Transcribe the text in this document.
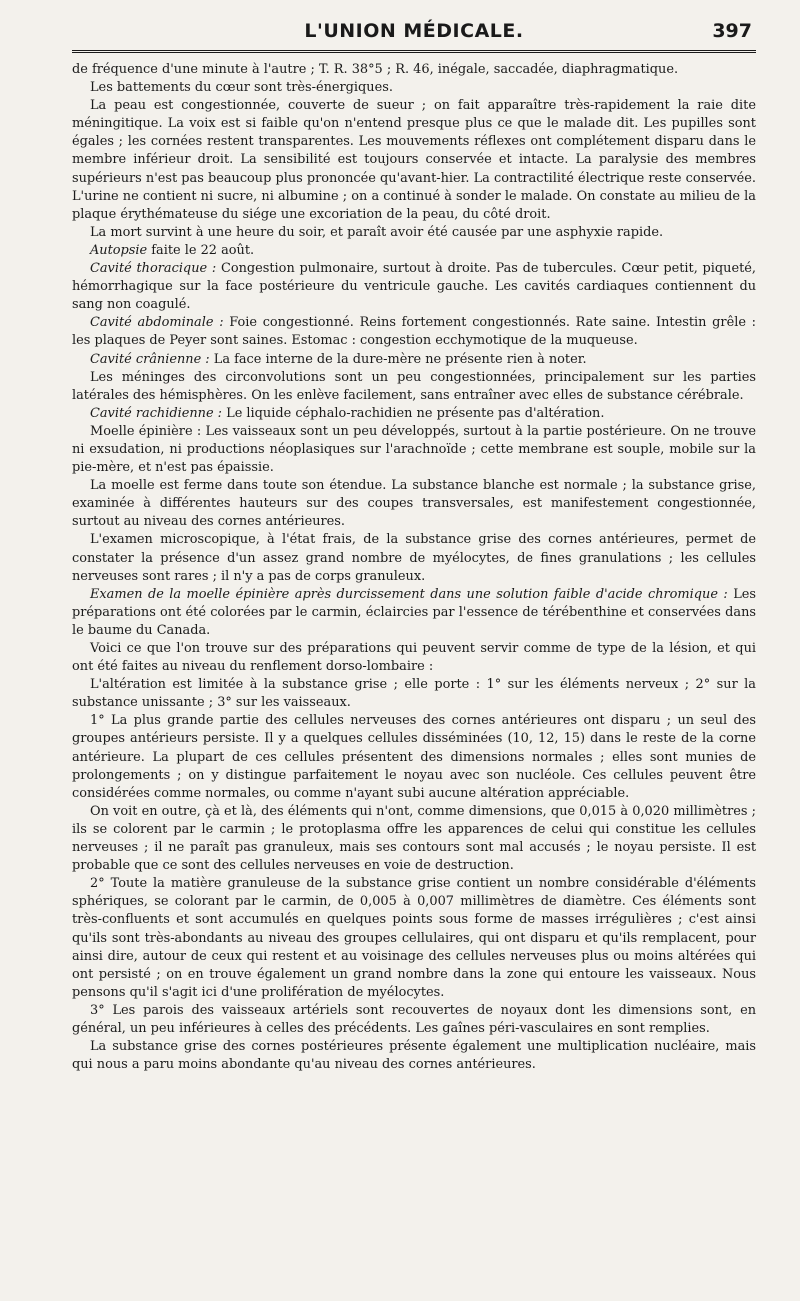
L'UNION MÉDICALE.	397

de fréquence d'une minute à l'autre ; T. R. 38°5 ; R. 46, inégale, saccadée, diaphragmatique.

Les battements du cœur sont très-énergiques.

La peau est congestionnée, couverte de sueur ; on fait apparaître très-rapidement la raie dite méningitique. La voix est si faible qu'on n'entend presque plus ce que le malade dit. Les pupilles sont égales ; les cornées restent transparentes. Les mouvements réflexes ont complétement disparu dans le membre inférieur droit. La sensibilité est toujours conservée et intacte. La paralysie des membres supérieurs n'est pas beaucoup plus prononcée qu'avant-hier. La contractilité électrique reste conservée. L'urine ne contient ni sucre, ni albumine ; on a continué à sonder le malade. On constate au milieu de la plaque érythémateuse du siége une excoriation de la peau, du côté droit.

La mort survint à une heure du soir, et paraît avoir été causée par une asphyxie rapide.

Autopsie faite le 22 août.

Cavité thoracique : Congestion pulmonaire, surtout à droite. Pas de tubercules. Cœur petit, piqueté, hémorrhagique sur la face postérieure du ventricule gauche. Les cavités cardiaques contiennent du sang non coagulé.

Cavité abdominale : Foie congestionné. Reins fortement congestionnés. Rate saine. Intestin grêle : les plaques de Peyer sont saines. Estomac : congestion ecchymotique de la muqueuse.

Cavité crânienne : La face interne de la dure-mère ne présente rien à noter.

Les méninges des circonvolutions sont un peu congestionnées, principalement sur les parties latérales des hémisphères. On les enlève facilement, sans entraîner avec elles de substance cérébrale.

Cavité rachidienne : Le liquide céphalo-rachidien ne présente pas d'altération.

Moelle épinière : Les vaisseaux sont un peu développés, surtout à la partie postérieure. On ne trouve ni exsudation, ni productions néoplasiques sur l'arachnoïde ; cette membrane est souple, mobile sur la pie-mère, et n'est pas épaissie.

La moelle est ferme dans toute son étendue. La substance blanche est normale ; la substance grise, examinée à différentes hauteurs sur des coupes transversales, est manifestement congestionnée, surtout au niveau des cornes antérieures.

L'examen microscopique, à l'état frais, de la substance grise des cornes antérieures, permet de constater la présence d'un assez grand nombre de myélocytes, de fines granulations ; les cellules nerveuses sont rares ; il n'y a pas de corps granuleux.

Examen de la moelle épinière après durcissement dans une solution faible d'acide chromique : Les préparations ont été colorées par le carmin, éclaircies par l'essence de térébenthine et conservées dans le baume du Canada.

Voici ce que l'on trouve sur des préparations qui peuvent servir comme de type de la lésion, et qui ont été faites au niveau du renflement dorso-lombaire :

L'altération est limitée à la substance grise ; elle porte : 1° sur les éléments nerveux ; 2° sur la substance unissante ; 3° sur les vaisseaux.

1° La plus grande partie des cellules nerveuses des cornes antérieures ont disparu ; un seul des groupes antérieurs persiste. Il y a quelques cellules disséminées (10, 12, 15) dans le reste de la corne antérieure. La plupart de ces cellules présentent des dimensions normales ; elles sont munies de prolongements ; on y distingue parfaitement le noyau avec son nucléole. Ces cellules peuvent être considérées comme normales, ou comme n'ayant subi aucune altération appréciable.

On voit en outre, çà et là, des éléments qui n'ont, comme dimensions, que 0,015 à 0,020 millimètres ; ils se colorent par le carmin ; le protoplasma offre les apparences de celui qui constitue les cellules nerveuses ; il ne paraît pas granuleux, mais ses contours sont mal accusés ; le noyau persiste. Il est probable que ce sont des cellules nerveuses en voie de destruction.

2° Toute la matière granuleuse de la substance grise contient un nombre considérable d'éléments sphériques, se colorant par le carmin, de 0,005 à 0,007 millimètres de diamètre. Ces éléments sont très-confluents et sont accumulés en quelques points sous forme de masses irrégulières ; c'est ainsi qu'ils sont très-abondants au niveau des groupes cellulaires, qui ont disparu et qu'ils remplacent, pour ainsi dire, autour de ceux qui restent et au voisinage des cellules nerveuses plus ou moins altérées qui ont persisté ; on en trouve également un grand nombre dans la zone qui entoure les vaisseaux. Nous pensons qu'il s'agit ici d'une prolifération de myélocytes.

3° Les parois des vaisseaux artériels sont recouvertes de noyaux dont les dimensions sont, en général, un peu inférieures à celles des précédents. Les gaînes péri-vasculaires en sont remplies.

La substance grise des cornes postérieures présente également une multiplication nucléaire, mais qui nous a paru moins abondante qu'au niveau des cornes antérieures.
